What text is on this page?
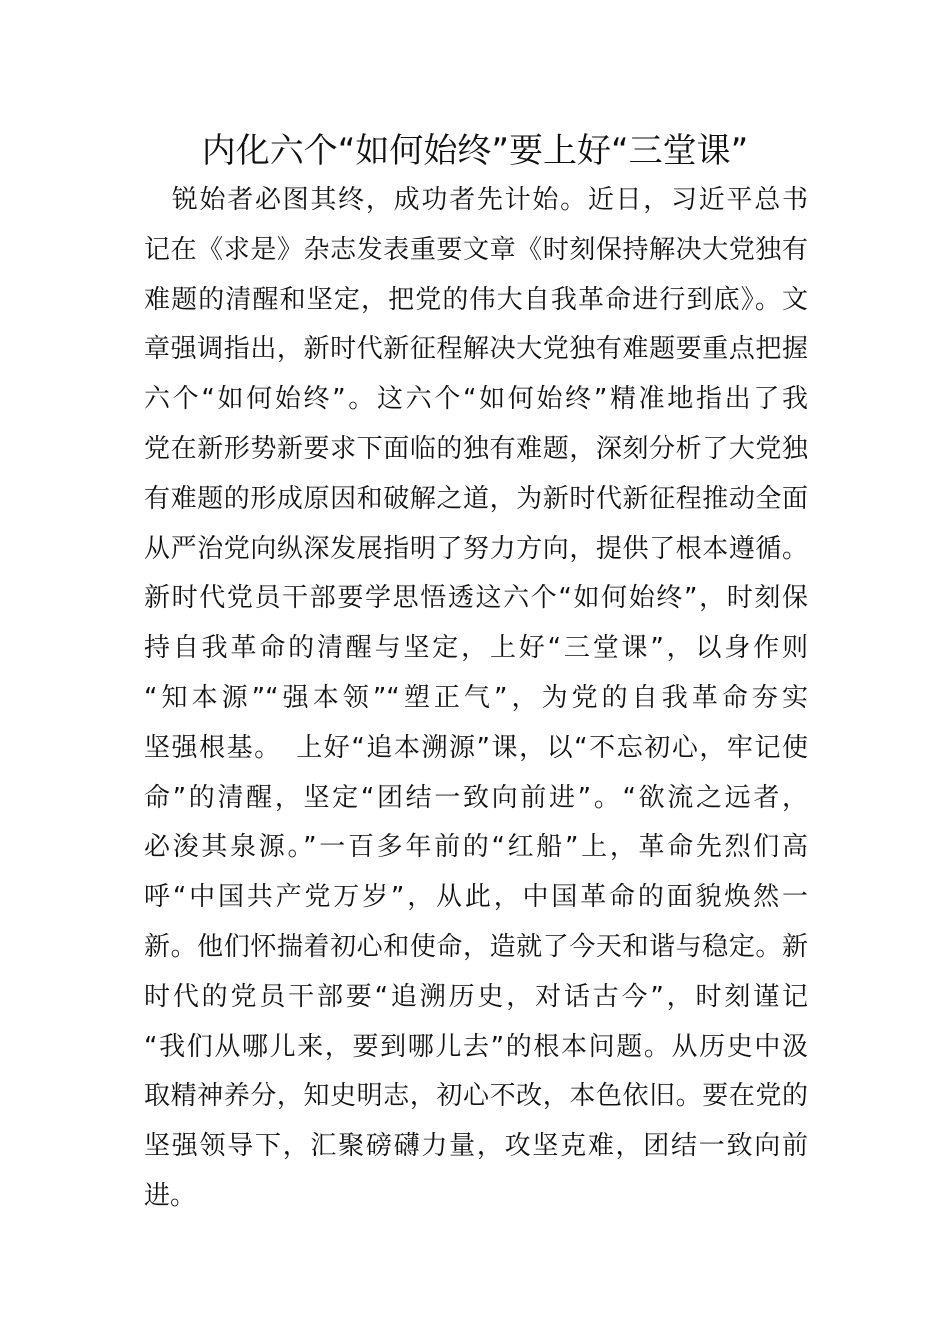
内化六个“如何始终”要上好“三堂课”
　锐始者必图其终，成功者先计始。近日，习近平总书
记在《求是》杂志发表重要文章《时刻保持解决大党独有
难题的清醒和坚定，把党的伟大自我革命进行到底》。文
章强调指出，新时代新征程解决大党独有难题要重点把握
六个“如何始终”。这六个“如何始终”精准地指出了我
党在新形势新要求下面临的独有难题，深刻分析了大党独
有难题的形成原因和破解之道，为新时代新征程推动全面
从严治党向纵深发展指明了努力方向，提供了根本遵循。
新时代党员干部要学思悟透这六个“如何始终”，时刻保
持自我革命的清醒与坚定，上好“三堂课”，以身作则
“知本源”“强本领”“塑正气”，为党的自我革命夯实
坚强根基。　上好“追本溯源”课，以“不忘初心，牢记使
命”的清醒，坚定“团结一致向前进”。“欲流之远者，
必浚其泉源。”一百多年前的“红船”上，革命先烈们高
呼“中国共产党万岁”，从此，中国革命的面貌焕然一
新。他们怀揣着初心和使命，造就了今天和谐与稳定。新
时代的党员干部要“追溯历史，对话古今”，时刻谨记
“我们从哪儿来，要到哪儿去”的根本问题。从历史中汲
取精神养分，知史明志，初心不改，本色依旧。要在党的
坚强领导下，汇聚磅礴力量，攻坚克难，团结一致向前
进。
